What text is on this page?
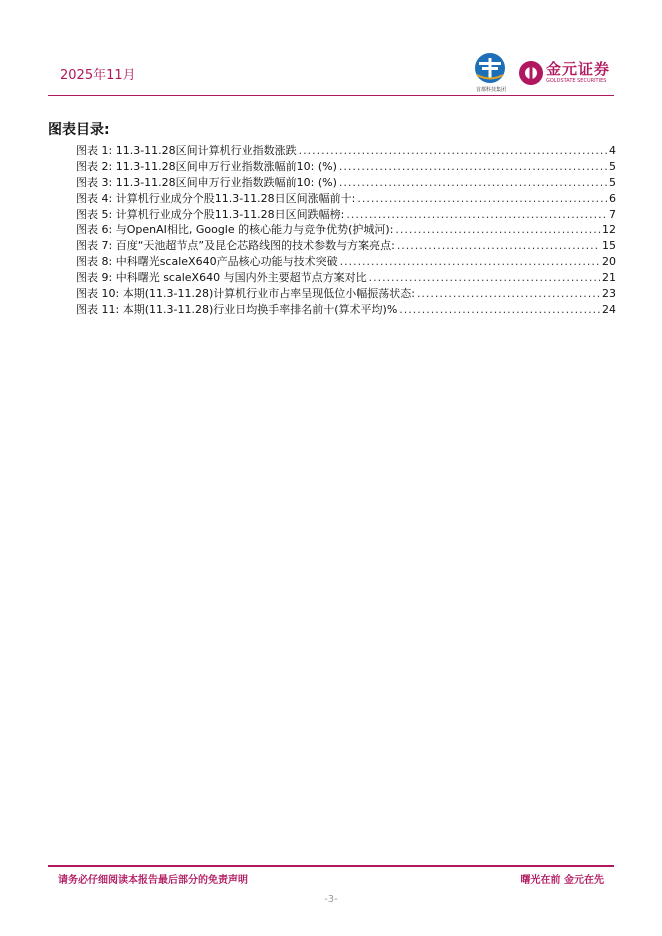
2025年11月
首都科技集团
金元证券
GOLDSTATE SECURITIES
图表目录:
图表 1: 11.3-11.28区间计算机行业指数涨跌 .....	4
图表 2: 11.3-11.28区间申万行业指数涨幅前10: (%) .....	5
图表 3: 11.3-11.28区间申万行业指数跌幅前10: (%) .....	5
图表 4: 计算机行业成分个股11.3-11.28日区间涨幅前十: .....	6
图表 5: 计算机行业成分个股11.3-11.28日区间跌幅榜: .....	7
图表 6: 与OpenAI相比, Google 的核心能力与竞争优势(护城河): .....	12
图表 7: 百度“天池超节点”及昆仑芯路线图的技术参数与方案亮点: .....	15
图表 8: 中科曙光scaleX640产品核心功能与技术突破 .....	20
图表 9: 中科曙光 scaleX640 与国内外主要超节点方案对比 .....	21
图表 10: 本期(11.3-11.28)计算机行业市占率呈现低位小幅振荡状态: .....	23
图表 11: 本期(11.3-11.28)行业日均换手率排名前十(算术平均)% .....	24
请务必仔细阅读本报告最后部分的免责声明	曙光在前 金元在先
-3-
